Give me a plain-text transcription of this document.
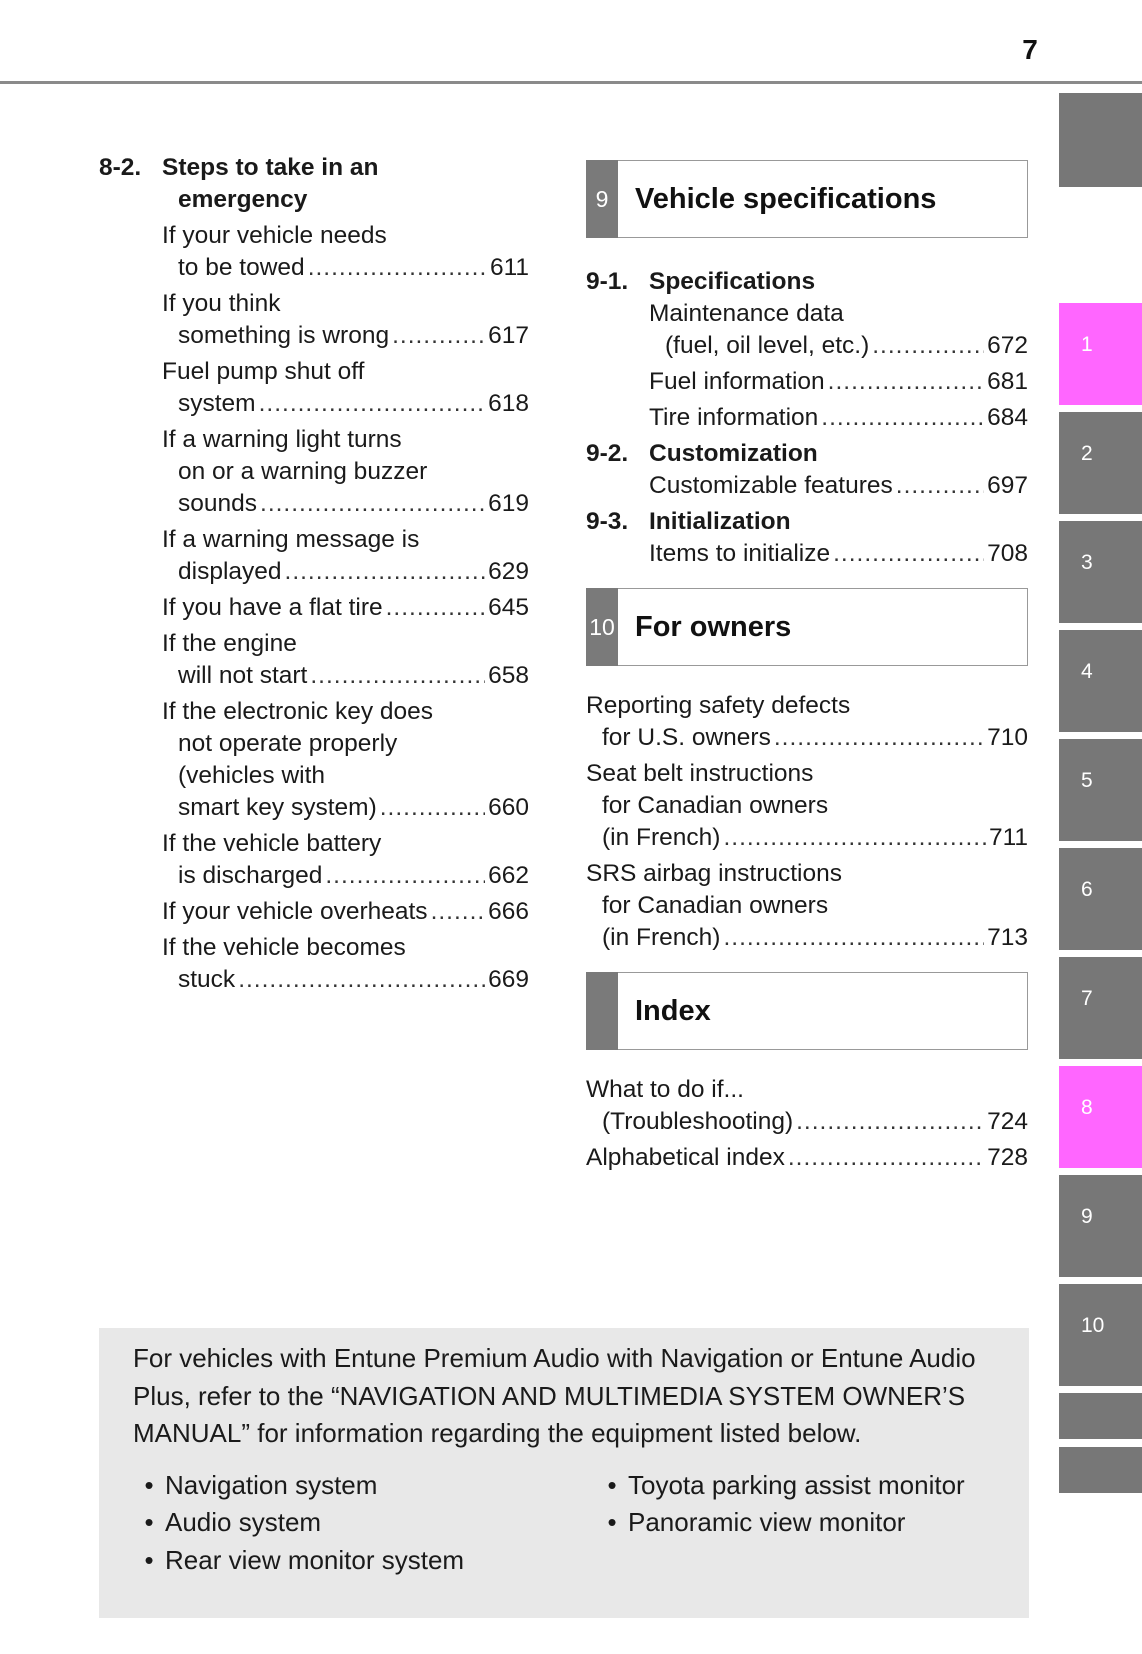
7
1
2
3
4
5
6
7
8
9
10
8-2. Steps to take in an
emergency
If your vehicle needs
to be towed .....	611
If you think
something is wrong .....	617
Fuel pump shut off
system .....	618
If a warning light turns
on or a warning buzzer
sounds .....	619
If a warning message is
displayed .....	629
If you have a flat tire .....	645
If the engine
will not start .....	658
If the electronic key does
not operate properly
(vehicles with
smart key system) .....	660
If the vehicle battery
is discharged .....	662
If your vehicle overheats ..... 666
If the vehicle becomes
stuck .....	669
9 Vehicle specifications
9-1. Specifications
Maintenance data
(fuel, oil level, etc.) .....	672
Fuel information .....	681
Tire information .....	684
9-2. Customization
Customizable features .....	697
9-3. Initialization
Items to initialize .....	708
10 For owners
Reporting safety defects
for U.S. owners .....	710
Seat belt instructions
for Canadian owners
(in French) .....	711
SRS airbag instructions
for Canadian owners
(in French) .....	713
Index
What to do if...
(Troubleshooting) .....	724
Alphabetical index .....	728

For vehicles with Entune Premium Audio with Navigation or Entune Audio Plus, refer to the “NAVIGATION AND MULTIMEDIA SYSTEM OWNER’S MANUAL” for information regarding the equipment listed below.

• Navigation system
• Audio system
• Rear view monitor system
• Toyota parking assist monitor
• Panoramic view monitor
